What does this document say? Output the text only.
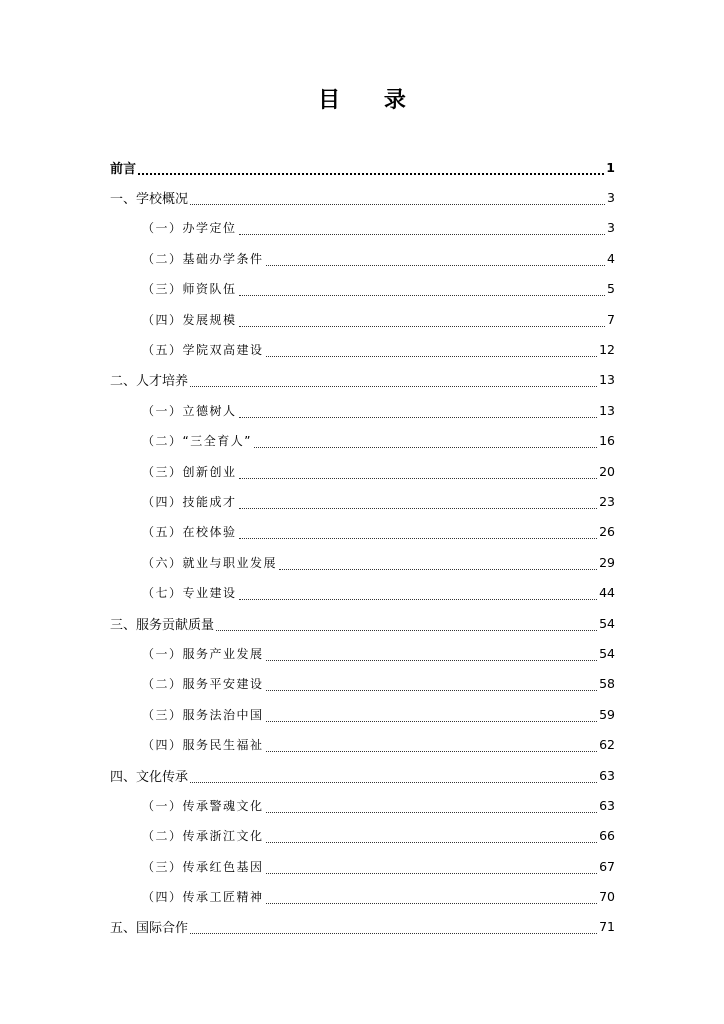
目 录
前言	1
一、学校概况	3
（一）办学定位	3
（二）基础办学条件	4
（三）师资队伍	5
（四）发展规模	7
（五）学院双高建设	12
二、人才培养	13
（一）立德树人	13
（二）“三全育人”	16
（三）创新创业	20
（四）技能成才	23
（五）在校体验	26
（六）就业与职业发展	29
（七）专业建设	44
三、服务贡献质量	54
（一）服务产业发展	54
（二）服务平安建设	58
（三）服务法治中国	59
（四）服务民生福祉	62
四、文化传承	63
（一）传承警魂文化	63
（二）传承浙江文化	66
（三）传承红色基因	67
（四）传承工匠精神	70
五、国际合作	71
